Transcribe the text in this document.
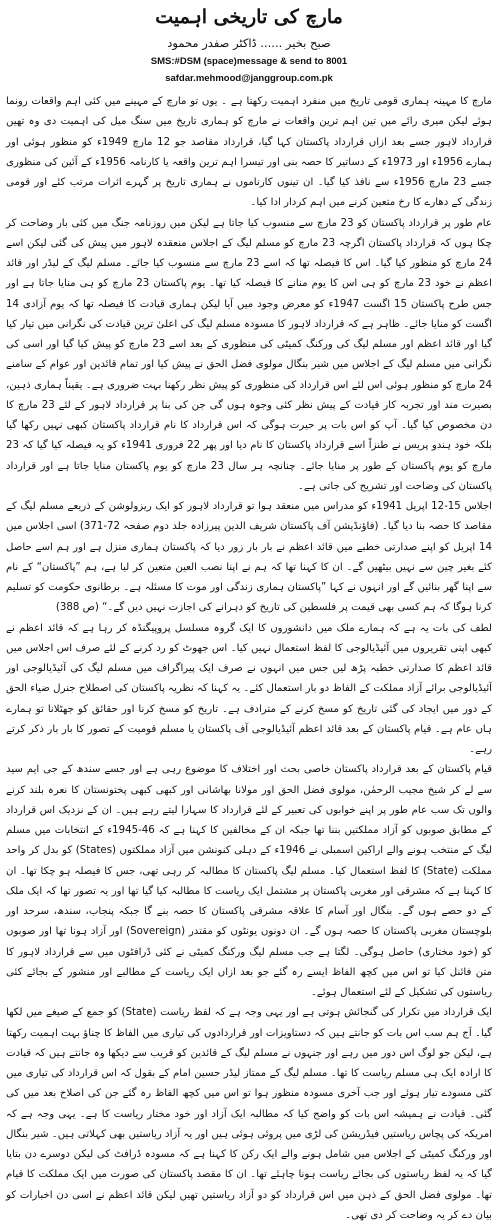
مارچ کی تاریخی اہمیت
صبح بخیر ...... ڈاکٹر صفدر محمود
SMS:#DSM (space)message & send to 8001
safdar.mehmood@janggroup.com.pk

مارچ کا مہینہ ہماری قومی تاریخ میں منفرد اہمیت رکھتا ہے ۔ یوں تو مارچ کے مہینے میں کئی اہم واقعات رونما ہوئے لیکن میری رائے میں تین اہم ترین واقعات نے مارچ کو ہماری تاریخ میں سنگ میل کی اہمیت دی وہ تھیں قرارداد لاہور جسے بعد ازاں قرارداد پاکستان کہا گیا، قرارداد مقاصد جو 12 مارچ 1949ء کو منظور ہوئی اور ہمارے 1956ء اور 1973ء کے دساتیر کا حصہ بنی اور تیسرا اہم ترین واقعہ یا کارنامہ 1956ء کے آئین کی منظوری جسے 23 مارچ 1956ء سے نافذ کیا گیا۔ ان تینوں کارناموں نے ہماری تاریخ پر گہرے اثرات مرتب کئے اور قومی زندگی کے دھارے کا رخ متعین کرنے میں اہم کردار ادا کیا۔

عام طور پر قرارداد پاکستان کو 23 مارچ سے منسوب کیا جاتا ہے لیکن میں روزنامہ جنگ میں کئی بار وضاحت کر چکا ہوں کہ قرارداد پاکستان اگرچہ 23 مارچ کو مسلم لیگ کے اجلاس منعقدہ لاہور میں پیش کی گئی لیکن اسے 24 مارچ کو منظور کیا گیا۔ اس کا فیصلہ تھا کہ اسے 23 مارچ سے منسوب کیا جائے۔ مسلم لیگ کے لیڈر اور قائد اعظم نے خود 23 مارچ کو ہی اس کا یوم منانے کا فیصلہ کیا تھا۔ یوم پاکستان 23 مارچ کو ہی منایا جاتا ہے اور جس طرح پاکستان 15 اگست 1947ء کو معرض وجود میں آیا لیکن ہماری قیادت کا فیصلہ تھا کہ یوم آزادی 14 اگست کو منایا جائے۔ ظاہر ہے کہ قرارداد لاہور کا مسودہ مسلم لیگ کی اعلیٰ ترین قیادت کی نگرانی میں تیار کیا گیا اور قائد اعظم اور مسلم لیگ کی ورکنگ کمیٹی کی منظوری کے بعد اسے 23 مارچ کو پیش کیا گیا اور اسی کی نگرانی میں مسلم لیگ کے اجلاس میں شیر بنگال مولوی فضل الحق نے پیش کیا اور تمام قائدین اور عوام کے سامنے 24 مارچ کو منظور ہوئی اس لئے اس قرارداد کی منظوری کو پیش نظر رکھنا بہت ضروری ہے۔ یقیناً ہماری ذہین، بصیرت مند اور تجربہ کار قیادت کے پیش نظر کئی وجوہ ہوں گی جن کی بنا پر قرارداد لاہور کے لئے 23 مارچ کا دن مخصوص کیا گیا۔ آپ کو اس بات پر حیرت ہوگی کہ اس قرارداد کا نام قرارداد پاکستان کبھی نہیں رکھا گیا بلکہ خود ہندو پریس نے طنزاً اسے قرارداد پاکستان کا نام دیا اور پھر 22 فروری 1941ء کو یہ فیصلہ کیا گیا کہ 23 مارچ کو یوم پاکستان کے طور پر منایا جائے۔ چنانچہ ہر سال 23 مارچ کو یوم پاکستان منایا جاتا ہے اور قرارداد پاکستان کی وضاحت اور تشریح کی جاتی ہے۔

اجلاس 15-12 اپریل 1941ء کو مدراس میں منعقد ہوا تو قرارداد لاہور کو ایک ریزولوشن کے ذریعے مسلم لیگ کے مقاصد کا حصہ بنا دیا گیا۔ (فاؤنڈیشن آف پاکستان شریف الدین پیرزادہ جلد دوم صفحہ 72-371) اسی اجلاس میں 14 اپریل کو اپنے صدارتی خطبے میں قائد اعظم نے بار بار زور دیا کہ پاکستان ہماری منزل ہے اور ہم اسے حاصل کئے بغیر چین سے نہیں بیٹھیں گے۔ ان کا کہنا تھا کہ ہم نے اپنا نصب العین متعین کر لیا ہے، ہم ”پاکستان“ کے نام سے اپنا گھر بنائیں گے اور انہوں نے کہا ”پاکستان ہماری زندگی اور موت کا مسئلہ ہے۔ برطانوی حکومت کو تسلیم کرنا ہوگا کہ ہم کسی بھی قیمت پر فلسطین کی تاریخ کو دہرانے کی اجازت نہیں دیں گے۔“ (ص 388)

لطف کی بات یہ ہے کہ ہمارے ملک میں دانشوروں کا ایک گروہ مسلسل پروپیگنڈہ کر رہا ہے کہ قائد اعظم نے کبھی اپنی تقریروں میں آئیڈیالوجی کا لفظ استعمال نہیں کیا۔ اس جھوٹ کو رد کرنے کے لئے صرف اس اجلاس میں قائد اعظم کا صدارتی خطبہ پڑھ لیں جس میں انہوں نے صرف ایک پیراگراف میں مسلم لیگ کی آئیڈیالوجی اور آئیڈیالوجی برائے آزاد مملکت کے الفاظ دو بار استعمال کئے۔ یہ کہنا کہ نظریہ پاکستان کی اصطلاح جنرل ضیاء الحق کے دور میں ایجاد کی گئی تاریخ کو مسخ کرنے کے مترادف ہے۔ تاریخ کو مسخ کرنا اور حقائق کو جھٹلانا تو ہمارے ہاں عام ہے۔ قیام پاکستان کے بعد قائد اعظم آئیڈیالوجی آف پاکستان یا مسلم قومیت کے تصور کا بار بار ذکر کرتے رہے۔

قیام پاکستان کے بعد قرارداد پاکستان خاصی بحث اور اختلاف کا موضوع رہی ہے اور جسے سندھ کے جی ایم سید سے لے کر شیخ مجیب الرحمٰن، مولوی فضل الحق اور مولانا بھاشانی اور کبھی کبھی پختونستان کا نعرہ بلند کرنے والوں تک سب عام طور پر اپنے خوابوں کی تعبیر کے لئے قرارداد کا سہارا لیتے رہے ہیں۔ ان کے نزدیک اس قرارداد کے مطابق صوبوں کو آزاد مملکتیں بننا تھا جبکہ ان کے مخالفین کا کہنا ہے کہ 46-1945ء کے انتخابات میں مسلم لیگ کے منتخب ہونے والے اراکین اسمبلی نے 1946ء کے دہلی کنونشن میں آزاد مملکتوں (States) کو بدل کر واحد مملکت (State) کا لفظ استعمال کیا۔ مسلم لیگ پاکستان کا مطالبہ کر رہی تھی، جس کا فیصلہ ہو چکا تھا۔ ان کا کہنا ہے کہ مشرقی اور مغربی پاکستان پر مشتمل ایک ریاست کا مطالبہ کیا گیا تھا اور یہ تصور تھا کہ ایک ملک کے دو حصے ہوں گے۔ بنگال اور آسام کا علاقہ مشرقی پاکستان کا حصہ بنے گا جبکہ پنجاب، سندھ، سرحد اور بلوچستان مغربی پاکستان کا حصہ ہوں گے۔ ان دونوں یونٹوں کو مقتدر (Sovereign) اور آزاد ہونا تھا اور صوبوں کو (خود مختاری) حاصل ہوگی۔ لگتا ہے جب مسلم لیگ ورکنگ کمیٹی نے کئی ڈرافٹوں میں سے قرارداد لاہور کا متن فائنل کیا تو اس میں کچھ الفاظ ایسے رہ گئے جو بعد ازاں ایک ریاست کے مطالبے اور منشور کے بجائے کئی ریاستوں کی تشکیل کے لئے استعمال ہوئے۔

ایک قرارداد میں تکرار کی گنجائش ہوتی ہے اور یہی وجہ ہے کہ لفظ ریاست (State) کو جمع کے صیغے میں لکھا گیا۔ آج ہم سب اس بات کو جانتے ہیں کہ دستاویزات اور قراردادوں کی تیاری میں الفاظ کا چناؤ بہت اہمیت رکھتا ہے، لیکن جو لوگ اس دور میں رہے اور جنہوں نے مسلم لیگ کے قائدین کو قریب سے دیکھا وہ جانتے ہیں کہ قیادت کا ارادہ ایک ہی مسلم ریاست کا تھا۔ مسلم لیگ کے ممتاز لیڈر حسین امام کے بقول کہ اس قرارداد کی تیاری میں کئی مسودے تیار ہوئے اور جب آخری مسودہ منظور ہوا تو اس میں کچھ الفاظ رہ گئے جن کی اصلاح بعد میں کی گئی۔ قیادت نے ہمیشہ اس بات کو واضح کیا کہ مطالبہ ایک آزاد اور خود مختار ریاست کا ہے۔ یہی وجہ ہے کہ امریکہ کی پچاس ریاستیں فیڈریشن کی لڑی میں پروئی ہوئی ہیں اور یہ آزاد ریاستیں بھی کہلاتی ہیں۔ شیر بنگال اور ورکنگ کمیٹی کے اجلاس میں شامل ہونے والے ایک رکن کا کہنا ہے کہ مسودہ ڈرافٹ کی لیکن دوسرے دن بتایا گیا کہ یہ لفظ ریاستوں کی بجائے ریاست ہونا چاہئے تھا۔ ان کا مقصد پاکستان کی صورت میں ایک مملکت کا قیام تھا۔ مولوی فضل الحق کے ذہن میں اس قرارداد کو دو آزاد ریاستیں تھیں لیکن قائد اعظم نے اسی دن اخبارات کو بیان دے کر یہ وضاحت کر دی تھی۔
